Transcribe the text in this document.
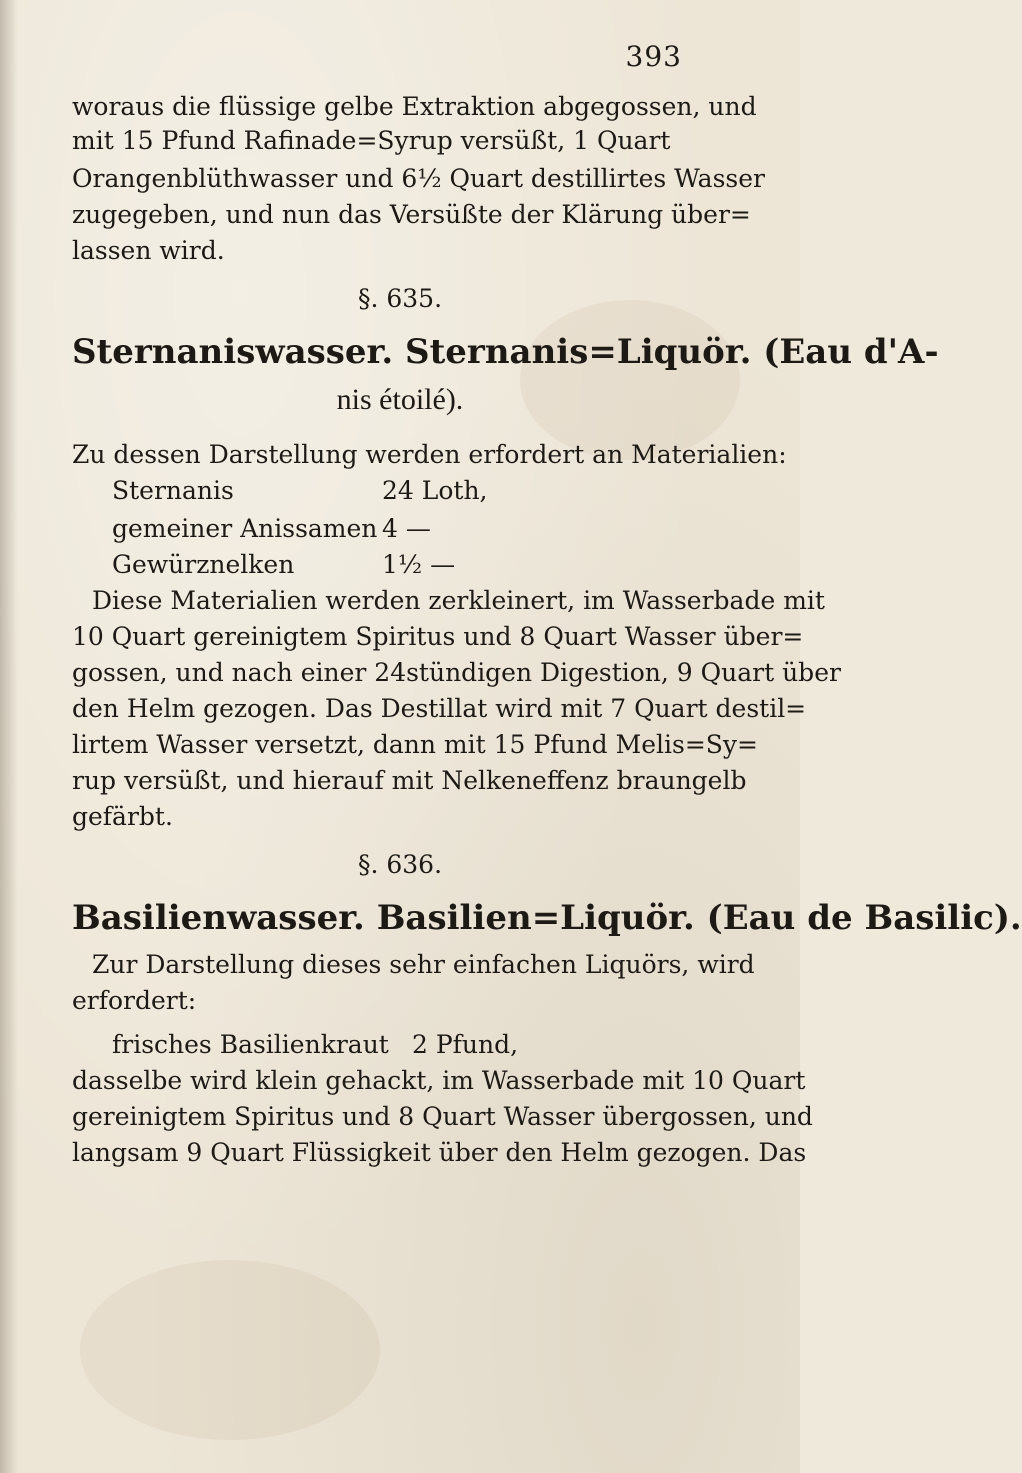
393
woraus die flüssige gelbe Extraktion abgegossen, und
mit 15 Pfund Rafinade=Syrup versüßt, 1 Quart
Orangenblüthwasser und 6½ Quart destillirtes Wasser
zugegeben, und nun das Versüßte der Klärung über=
lassen wird.
§. 635.
Sternaniswasser. Sternanis=Liquör. (Eau d'A-
nis étoilé).
Zu dessen Darstellung werden erfordert an Materialien:
Sternanis	24 Loth,
gemeiner Anissamen 4 —
Gewürznelken	1½ —
Diese Materialien werden zerkleinert, im Wasserbade mit
10 Quart gereinigtem Spiritus und 8 Quart Wasser über=
gossen, und nach einer 24stündigen Digestion, 9 Quart über
den Helm gezogen. Das Destillat wird mit 7 Quart destil=
lirtem Wasser versetzt, dann mit 15 Pfund Melis=Sy=
rup versüßt, und hierauf mit Nelkeneffenz braungelb
gefärbt.
§. 636.
Basilienwasser. Basilien=Liquör. (Eau de Basilic).
Zur Darstellung dieses sehr einfachen Liquörs, wird
erfordert:
frisches Basilienkraut 2 Pfund,
dasselbe wird klein gehackt, im Wasserbade mit 10 Quart
gereinigtem Spiritus und 8 Quart Wasser übergossen, und
langsam 9 Quart Flüssigkeit über den Helm gezogen. Das
